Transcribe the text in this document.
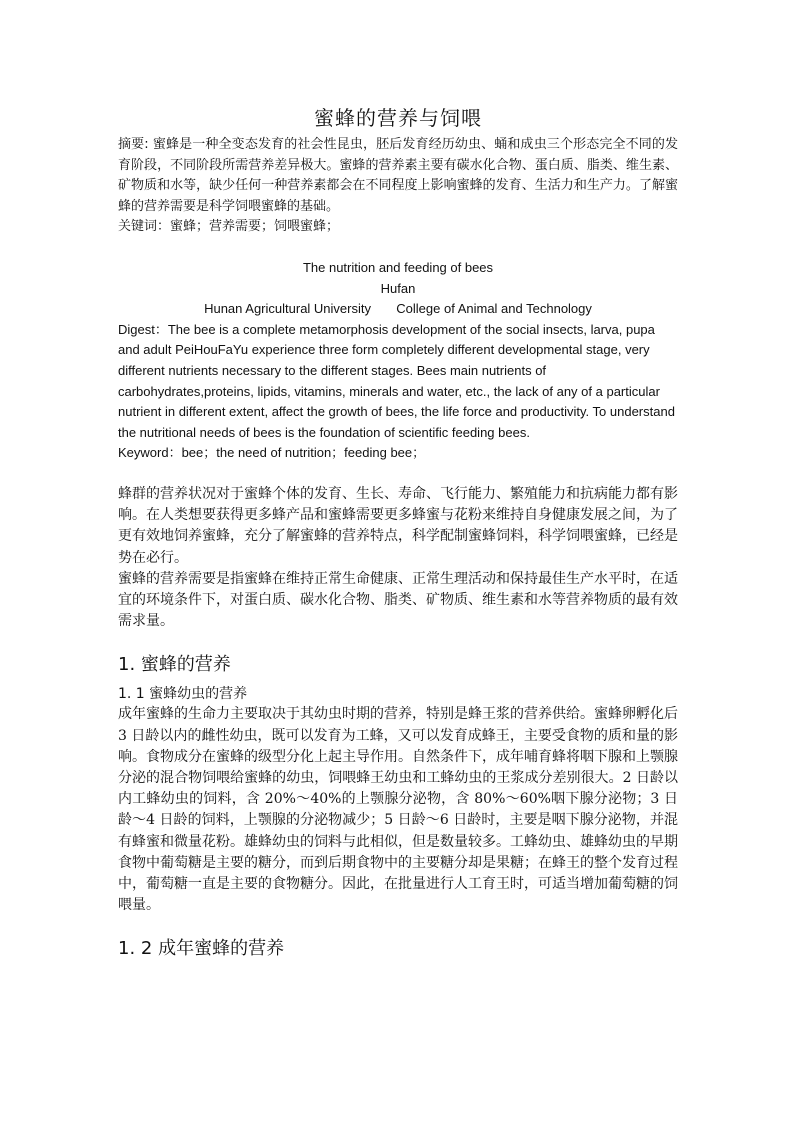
蜜蜂的营养与饲喂

摘要: 蜜蜂是一种全变态发育的社会性昆虫，胚后发育经历幼虫、蛹和成虫三个形态完全不同的发育阶段，不同阶段所需营养差异极大。蜜蜂的营养素主要有碳水化合物、蛋白质、脂类、维生素、矿物质和水等，缺少任何一种营养素都会在不同程度上影响蜜蜂的发育、生活力和生产力。了解蜜蜂的营养需要是科学饲喂蜜蜂的基础。

关键词：蜜蜂；营养需要；饲喂蜜蜂；

The nutrition and feeding of bees

Hufan

Hunan Agricultural University College of Animal and Technology

Digest：The bee is a complete metamorphosis development of the social insects, larva, pupa and adult PeiHouFaYu experience three form completely different developmental stage, very different nutrients necessary to the different stages. Bees main nutrients of carbohydrates,proteins, lipids, vitamins, minerals and water, etc., the lack of any of a particular nutrient in different extent, affect the growth of bees, the life force and productivity. To understand the nutritional needs of bees is the foundation of scientific feeding bees.

Keyword：bee；the need of nutrition；feeding bee；

蜂群的营养状况对于蜜蜂个体的发育、生长、寿命、飞行能力、繁殖能力和抗病能力都有影响。在人类想要获得更多蜂产品和蜜蜂需要更多蜂蜜与花粉来维持自身健康发展之间，为了更有效地饲养蜜蜂，充分了解蜜蜂的营养特点，科学配制蜜蜂饲料，科学饲喂蜜蜂，已经是势在必行。

蜜蜂的营养需要是指蜜蜂在维持正常生命健康、正常生理活动和保持最佳生产水平时，在适宜的环境条件下，对蛋白质、碳水化合物、脂类、矿物质、维生素和水等营养物质的最有效需求量。

1. 蜜蜂的营养
1. 1 蜜蜂幼虫的营养

成年蜜蜂的生命力主要取决于其幼虫时期的营养，特别是蜂王浆的营养供给。蜜蜂卵孵化后 3 日龄以内的雌性幼虫，既可以发育为工蜂，又可以发育成蜂王，主要受食物的质和量的影响。食物成分在蜜蜂的级型分化上起主导作用。自然条件下，成年哺育蜂将咽下腺和上颚腺分泌的混合物饲喂给蜜蜂的幼虫，饲喂蜂王幼虫和工蜂幼虫的王浆成分差别很大。2 日龄以内工蜂幼虫的饲料，含 20%～40%的上颚腺分泌物，含 80%～60%咽下腺分泌物；3 日龄～4 日龄的饲料，上颚腺的分泌物减少；5 日龄～6 日龄时，主要是咽下腺分泌物，并混有蜂蜜和微量花粉。雄蜂幼虫的饲料与此相似，但是数量较多。工蜂幼虫、雄蜂幼虫的早期食物中葡萄糖是主要的糖分，而到后期食物中的主要糖分却是果糖；在蜂王的整个发育过程中，葡萄糖一直是主要的食物糖分。因此，在批量进行人工育王时，可适当增加葡萄糖的饲喂量。

1. 2 成年蜜蜂的营养
